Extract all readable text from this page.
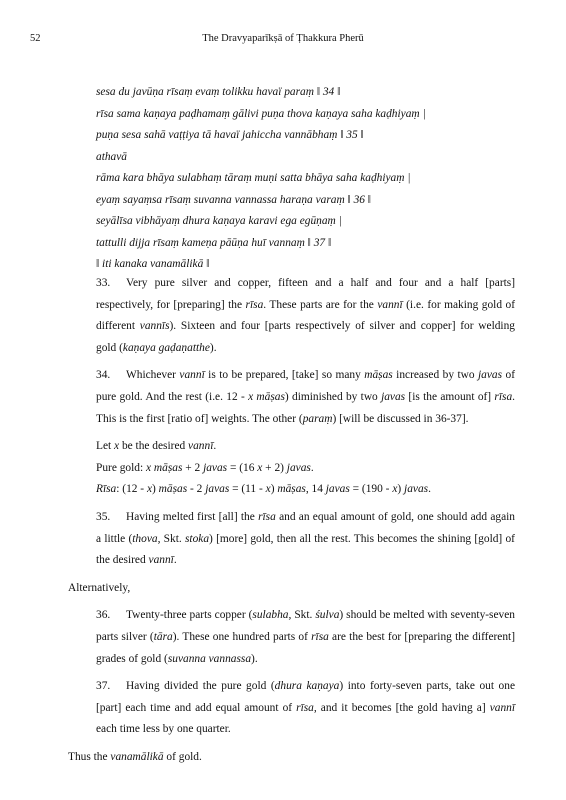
52	The Dravyaparīkṣā of Ṭhakkura Pherū
sesa du javūṇa rīsaṃ evaṃ tolikku havaï paraṃ ‖ 34 ‖
rīsa sama kaṇaya paḍhamaṃ gālivi puṇa thova kaṇaya saha kaḍhiyaṃ |
puṇa sesa sahā vaṭṭiya tā havaï jahiccha vannābhaṃ ‖ 35 ‖
athavā
rāma kara bhāya sulabhaṃ tāraṃ muṇi satta bhāya saha kaḍhiyaṃ |
eyaṃ sayaṃsa rīsaṃ suvanna vannassa haraṇa varaṃ ‖ 36 ‖
seyālīsa vibhāyaṃ dhura kaṇaya karavi ega egūṇaṃ |
tattulli dijja rīsaṃ kameṇa pāūṇa huī vannaṃ ‖ 37 ‖
‖ iti kanaka vanamālikā ‖

33. Very pure silver and copper, fifteen and a half and four and a half [parts] respectively, for [preparing] the rīsa. These parts are for the vannī (i.e. for making gold of different vannīs). Sixteen and four [parts respectively of silver and copper] for welding gold (kaṇaya gaḍaṇatthe).

34. Whichever vannī is to be prepared, [take] so many māṣas increased by two javas of pure gold. And the rest (i.e. 12 - x māṣas) diminished by two javas [is the amount of] rīsa. This is the first [ratio of] weights. The other (paraṃ) [will be discussed in 36-37].

Let x be the desired vannī.

Pure gold: x māṣas + 2 javas = (16 x + 2) javas.

Rīsa: (12 - x) māṣas - 2 javas = (11 - x) māṣas, 14 javas = (190 - x) javas.

35. Having melted first [all] the rīsa and an equal amount of gold, one should add again a little (thova, Skt. stoka) [more] gold, then all the rest. This becomes the shining [gold] of the desired vannī.

Alternatively,

36. Twenty-three parts copper (sulabha, Skt. śulva) should be melted with seventy-seven parts silver (tāra). These one hundred parts of rīsa are the best for [preparing the different] grades of gold (suvanna vannassa).

37. Having divided the pure gold (dhura kaṇaya) into forty-seven parts, take out one [part] each time and add equal amount of rīsa, and it becomes [the gold having a] vannī each time less by one quarter.

Thus the vanamālikā of gold.
